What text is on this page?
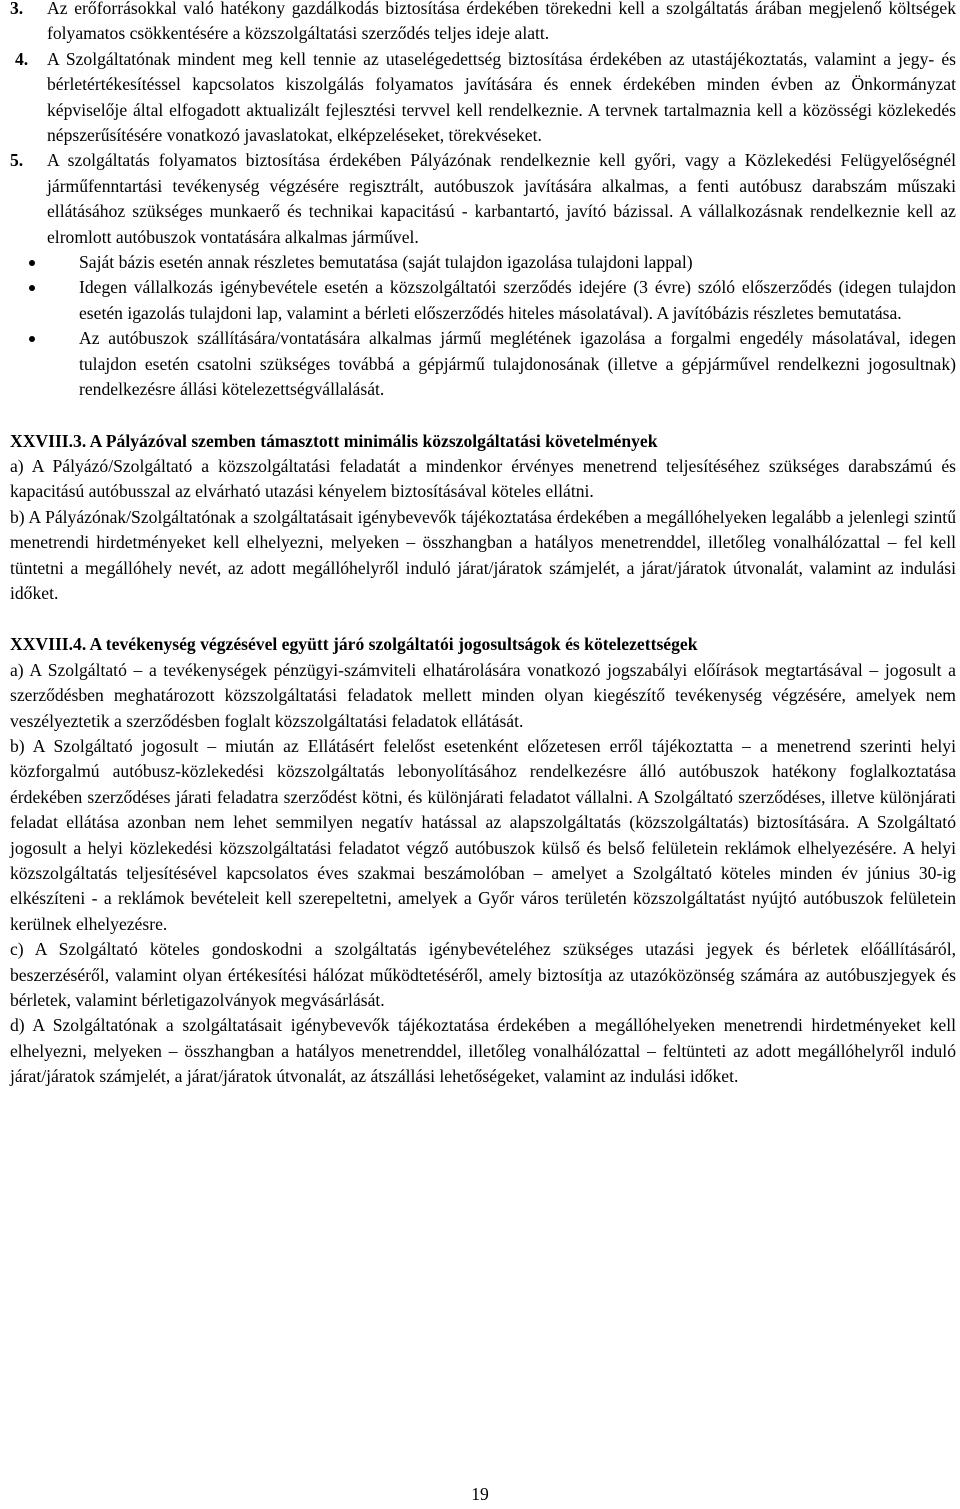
3. Az erőforrásokkal való hatékony gazdálkodás biztosítása érdekében törekedni kell a szolgáltatás árában megjelenő költségek folyamatos csökkentésére a közszolgáltatási szerződés teljes ideje alatt.

4. A Szolgáltatónak mindent meg kell tennie az utaselégedettség biztosítása érdekében az utastájékoztatás, valamint a jegy- és bérletértékesítéssel kapcsolatos kiszolgálás folyamatos javítására és ennek érdekében minden évben az Önkormányzat képviselője által elfogadott aktualizált fejlesztési tervvel kell rendelkeznie. A tervnek tartalmaznia kell a közösségi közlekedés népszerűsítésére vonatkozó javaslatokat, elképzeléseket, törekvéseket.

5. A szolgáltatás folyamatos biztosítása érdekében Pályázónak rendelkeznie kell győri, vagy a Közlekedési Felügyelőségnél járműfenntartási tevékenység végzésére regisztrált, autóbuszok javítására alkalmas, a fenti autóbusz darabszám műszaki ellátásához szükséges munkaerő és technikai kapacitású - karbantartó, javító bázissal. A vállalkozásnak rendelkeznie kell az elromlott autóbuszok vontatására alkalmas járművel.

Saját bázis esetén annak részletes bemutatása (saját tulajdon igazolása tulajdoni lappal)
Idegen vállalkozás igénybevétele esetén a közszolgáltatói szerződés idejére (3 évre) szóló előszerződés (idegen tulajdon esetén igazolás tulajdoni lap, valamint a bérleti előszerződés hiteles másolatával). A javítóbázis részletes bemutatása.
Az autóbuszok szállítására/vontatására alkalmas jármű meglétének igazolása a forgalmi engedély másolatával, idegen tulajdon esetén csatolni szükséges továbbá a gépjármű tulajdonosának (illetve a gépjárművel rendelkezni jogosultnak) rendelkezésre állási kötelezettségvállalását.
XXVIII.3. A Pályázóval szemben támasztott minimális közszolgáltatási követelmények

a) A Pályázó/Szolgáltató a közszolgáltatási feladatát a mindenkor érvényes menetrend teljesítéséhez szükséges darabszámú és kapacitású autóbusszal az elvárható utazási kényelem biztosításával köteles ellátni.

b) A Pályázónak/Szolgáltatónak a szolgáltatásait igénybevevők tájékoztatása érdekében a megállóhelyeken legalább a jelenlegi szintű menetrendi hirdetményeket kell elhelyezni, melyeken – összhangban a hatályos menetrenddel, illetőleg vonalhálózattal – fel kell tüntetni a megállóhely nevét, az adott megállóhelyről induló járat/járatok számjelét, a járat/járatok útvonalát, valamint az indulási időket.

XXVIII.4. A tevékenység végzésével együtt járó szolgáltatói jogosultságok és kötelezettségek

a) A Szolgáltató – a tevékenységek pénzügyi-számviteli elhatárolására vonatkozó jogszabályi előírások megtartásával – jogosult a szerződésben meghatározott közszolgáltatási feladatok mellett minden olyan kiegészítő tevékenység végzésére, amelyek nem veszélyeztetik a szerződésben foglalt közszolgáltatási feladatok ellátását.

b) A Szolgáltató jogosult – miután az Ellátásért felelőst esetenként előzetesen erről tájékoztatta – a menetrend szerinti helyi közforgalmú autóbusz-közlekedési közszolgáltatás lebonyolításához rendelkezésre álló autóbuszok hatékony foglalkoztatása érdekében szerződéses járati feladatra szerződést kötni, és különjárati feladatot vállalni. A Szolgáltató szerződéses, illetve különjárati feladat ellátása azonban nem lehet semmilyen negatív hatással az alapszolgáltatás (közszolgáltatás) biztosítására. A Szolgáltató jogosult a helyi közlekedési közszolgáltatási feladatot végző autóbuszok külső és belső felületein reklámok elhelyezésére. A helyi közszolgáltatás teljesítésével kapcsolatos éves szakmai beszámolóban – amelyet a Szolgáltató köteles minden év június 30-ig elkészíteni - a reklámok bevételeit kell szerepeltetni, amelyek a Győr város területén közszolgáltatást nyújtó autóbuszok felületein kerülnek elhelyezésre.

c) A Szolgáltató köteles gondoskodni a szolgáltatás igénybevételéhez szükséges utazási jegyek és bérletek előállításáról, beszerzéséről, valamint olyan értékesítési hálózat működtetéséről, amely biztosítja az utazóközönség számára az autóbuszjegyek és bérletek, valamint bérletigazolványok megvásárlását.

d) A Szolgáltatónak a szolgáltatásait igénybevevők tájékoztatása érdekében a megállóhelyeken menetrendi hirdetményeket kell elhelyezni, melyeken – összhangban a hatályos menetrenddel, illetőleg vonalhálózattal – feltünteti az adott megállóhelyről induló járat/járatok számjelét, a járat/járatok útvonalát, az átszállási lehetőségeket, valamint az indulási időket.

19
